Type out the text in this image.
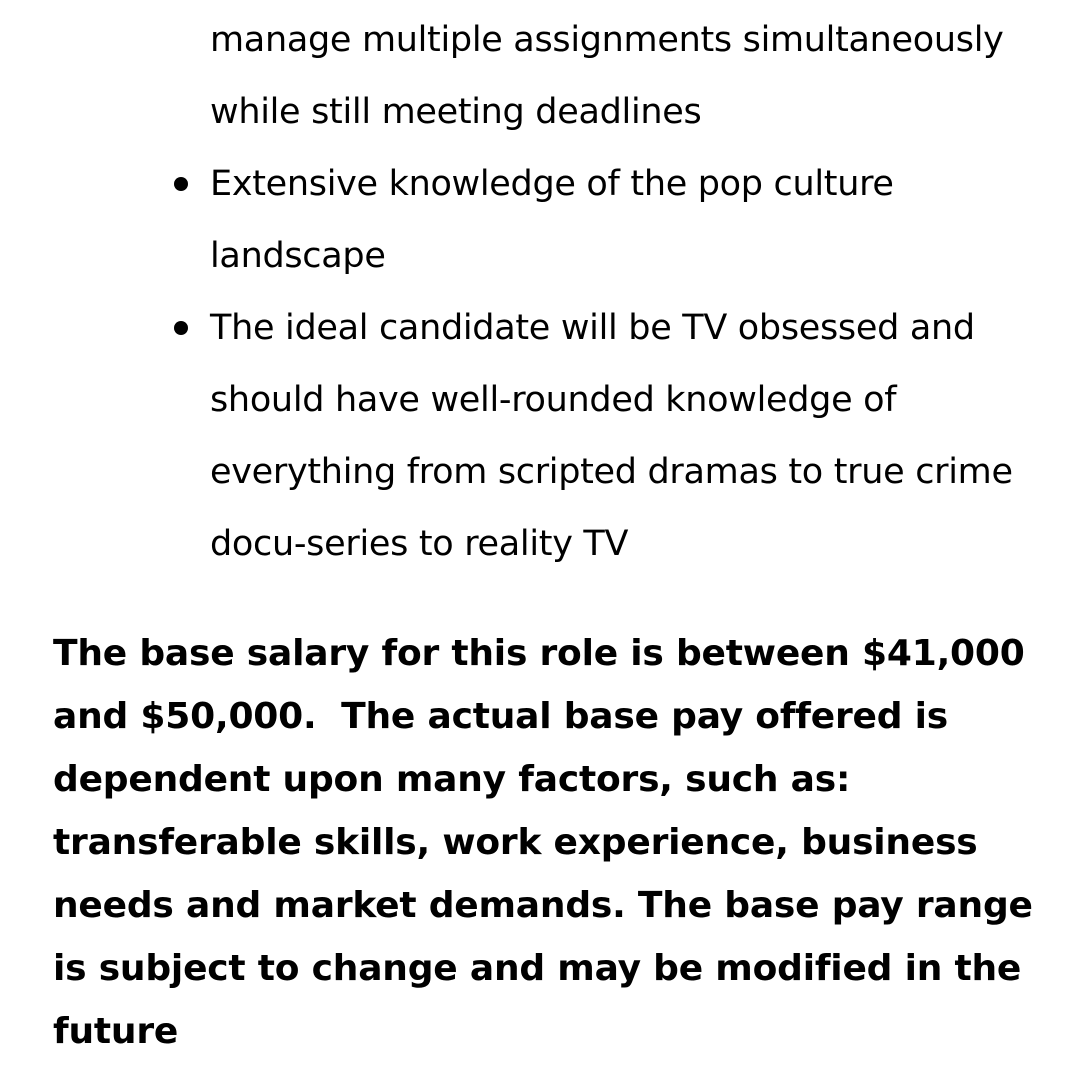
manage multiple assignments simultaneously while still meeting deadlines
Extensive knowledge of the pop culture landscape
The ideal candidate will be TV obsessed and should have well-rounded knowledge of everything from scripted dramas to true crime docu-series to reality TV

The base salary for this role is between $41,000 and $50,000.  The actual base pay offered is dependent upon many factors, such as: transferable skills, work experience, business needs and market demands. The base pay range is subject to change and may be modified in the future
